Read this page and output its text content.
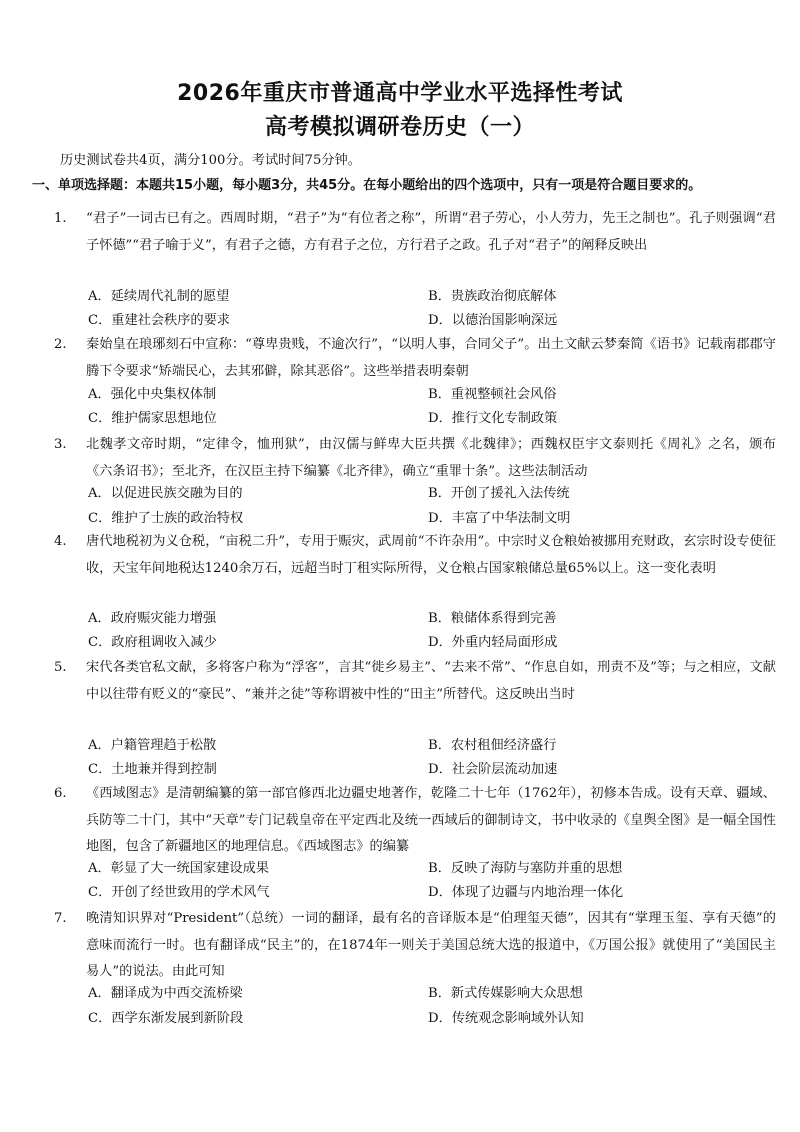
2026年重庆市普通高中学业水平选择性考试
高考模拟调研卷历史（一）
历史测试卷共4页，满分100分。考试时间75分钟。
一、单项选择题：本题共15小题，每小题3分，共45分。在每小题给出的四个选项中，只有一项是符合题目要求的。
1. “君子”一词古已有之。西周时期，“君子”为“有位者之称”，所谓“君子劳心，小人劳力，先王之制也”。孔子则强调“君子怀德”“君子喻于义”，有君子之德，方有君子之位，方行君子之政。孔子对“君子”的阐释反映出
A．延续周代礼制的愿望	B．贵族政治彻底解体
C．重建社会秩序的要求	D．以德治国影响深远
2. 秦始皇在琅琊刻石中宣称：“尊卑贵贱，不逾次行”，“以明人事，合同父子”。出土文献云梦秦简《语书》记载南郡郡守腾下令要求“矫端民心，去其邪僻，除其恶俗”。这些举措表明秦朝
A．强化中央集权体制	B．重视整顿社会风俗
C．维护儒家思想地位	D．推行文化专制政策
3. 北魏孝文帝时期，“定律令，恤刑狱”，由汉儒与鲜卑大臣共撰《北魏律》；西魏权臣宇文泰则托《周礼》之名，颁布《六条诏书》；至北齐，在汉臣主持下编纂《北齐律》，确立“重罪十条”。这些法制活动
A．以促进民族交融为目的	B．开创了援礼入法传统
C．维护了士族的政治特权	D．丰富了中华法制文明
4. 唐代地税初为义仓税，“亩税二升”，专用于赈灾，武周前“不许杂用”。中宗时义仓粮始被挪用充财政，玄宗时设专使征收，天宝年间地税达1240余万石，远超当时丁租实际所得，义仓粮占国家粮储总量65%以上。这一变化表明
A．政府赈灾能力增强	B．粮储体系得到完善
C．政府租调收入减少	D．外重内轻局面形成
5. 宋代各类官私文献，多将客户称为“浮客”，言其“徙乡易主”、“去来不常”、“作息自如，刑责不及”等；与之相应，文献中以往带有贬义的“豪民”、“兼并之徒”等称谓被中性的“田主”所替代。这反映出当时
A．户籍管理趋于松散	B．农村租佃经济盛行
C．土地兼并得到控制	D．社会阶层流动加速
6. 《西域图志》是清朝编纂的第一部官修西北边疆史地著作，乾隆二十七年（1762年），初修本告成。设有天章、疆域、兵防等二十门，其中“天章”专门记载皇帝在平定西北及统一西域后的御制诗文，书中收录的《皇舆全图》是一幅全国性地图，包含了新疆地区的地理信息。《西域图志》的编纂
A．彰显了大一统国家建设成果	B．反映了海防与塞防并重的思想
C．开创了经世致用的学术风气	D．体现了边疆与内地治理一体化
7. 晚清知识界对“President”（总统）一词的翻译，最有名的音译版本是“伯理玺天德”，因其有“掌理玉玺、享有天德”的意味而流行一时。也有翻译成“民主”的，在1874年一则关于美国总统大选的报道中，《万国公报》就使用了“美国民主易人”的说法。由此可知
A．翻译成为中西交流桥梁	B．新式传媒影响大众思想
C．西学东渐发展到新阶段	D．传统观念影响域外认知
